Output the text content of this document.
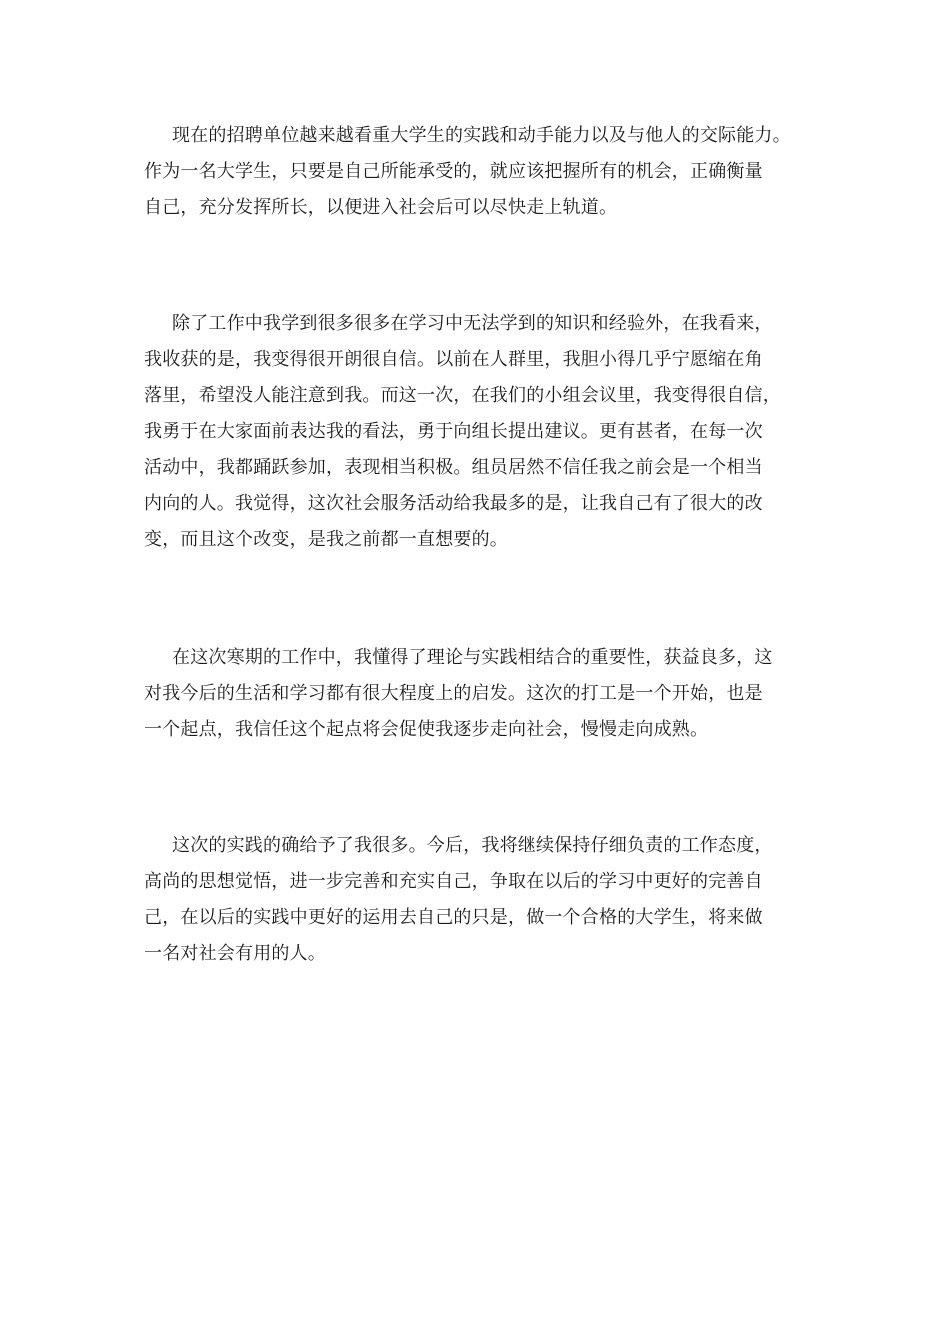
现在的招聘单位越来越看重大学生的实践和动手能力以及与他人的交际能力。
作为一名大学生，只要是自己所能承受的，就应该把握所有的机会，正确衡量
自己，充分发挥所长，以便进入社会后可以尽快走上轨道。
除了工作中我学到很多很多在学习中无法学到的知识和经验外，在我看来，
我收获的是，我变得很开朗很自信。以前在人群里，我胆小得几乎宁愿缩在角
落里，希望没人能注意到我。而这一次，在我们的小组会议里，我变得很自信，
我勇于在大家面前表达我的看法，勇于向组长提出建议。更有甚者，在每一次
活动中，我都踊跃参加，表现相当积极。组员居然不信任我之前会是一个相当
内向的人。我觉得，这次社会服务活动给我最多的是，让我自己有了很大的改
变，而且这个改变，是我之前都一直想要的。
在这次寒期的工作中，我懂得了理论与实践相结合的重要性，获益良多，这
对我今后的生活和学习都有很大程度上的启发。这次的打工是一个开始，也是
一个起点，我信任这个起点将会促使我逐步走向社会，慢慢走向成熟。
这次的实践的确给予了我很多。今后，我将继续保持仔细负责的工作态度，
高尚的思想觉悟，进一步完善和充实自己，争取在以后的学习中更好的完善自
己，在以后的实践中更好的运用去自己的只是，做一个合格的大学生，将来做
一名对社会有用的人。
